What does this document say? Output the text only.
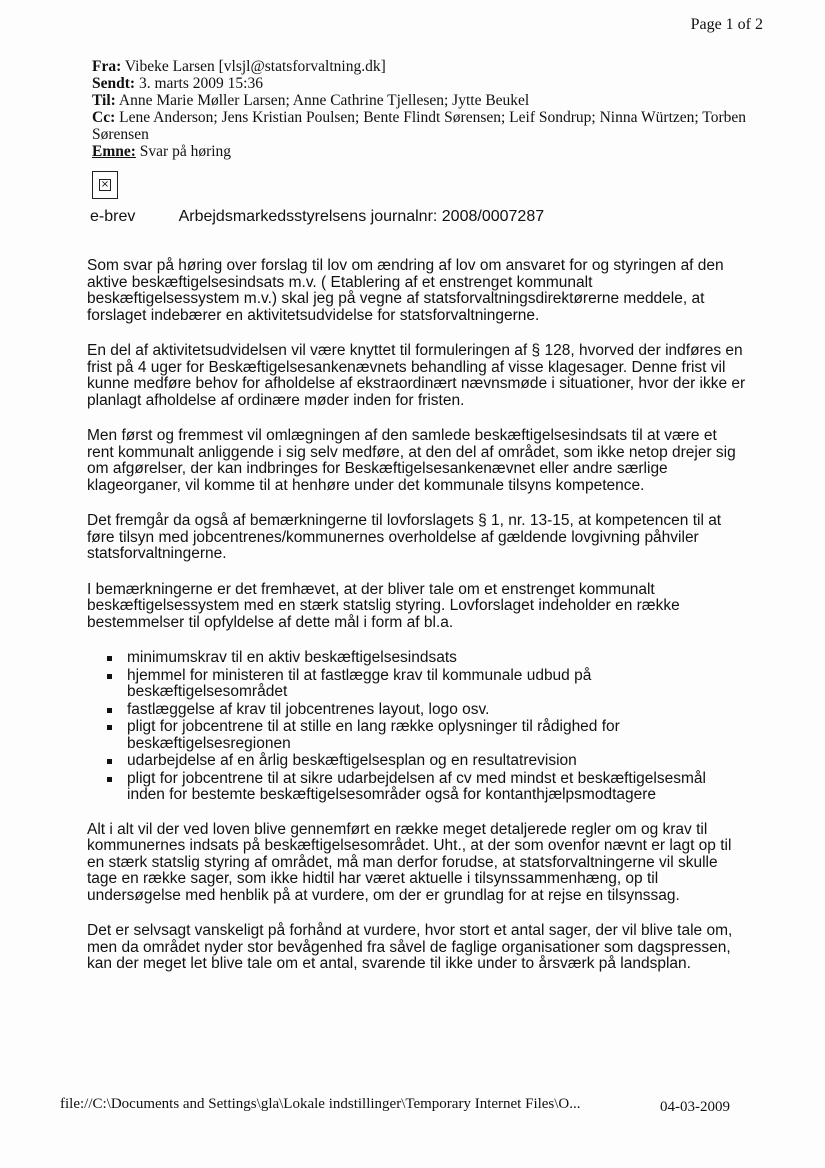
Page 1 of 2
Fra: Vibeke Larsen [vlsjl@statsforvaltning.dk]
Sendt: 3. marts 2009 15:36
Til: Anne Marie Møller Larsen; Anne Cathrine Tjellesen; Jytte Beukel
Cc: Lene Anderson; Jens Kristian Poulsen; Bente Flindt Sørensen; Leif Sondrup; Ninna Würtzen; Torben Sørensen
Emne: Svar på høring
×
e-brev	Arbejdsmarkedsstyrelsens journalnr: 2008/0007287

Som svar på høring over forslag til lov om ændring af lov om ansvaret for og styringen af den aktive beskæftigelsesindsats m.v. ( Etablering af et enstrenget kommunalt beskæftigelsessystem m.v.) skal jeg på vegne af statsforvaltningsdirektørerne meddele, at forslaget indebærer en aktivitetsudvidelse for statsforvaltningerne.

En del af aktivitetsudvidelsen vil være knyttet til formuleringen af § 128, hvorved der indføres en frist på 4 uger for Beskæftigelsesankenævnets behandling af visse klagesager. Denne frist vil kunne medføre behov for afholdelse af ekstraordinært nævnsmøde i situationer, hvor der ikke er planlagt afholdelse af ordinære møder inden for fristen.

Men først og fremmest vil omlægningen af den samlede beskæftigelsesindsats til at være et rent kommunalt anliggende i sig selv medføre, at den del af området, som ikke netop drejer sig om afgørelser, der kan indbringes for Beskæftigelsesankenævnet eller andre særlige klageorganer, vil komme til at henhøre under det kommunale tilsyns kompetence.

Det fremgår da også af bemærkningerne til lovforslagets § 1, nr. 13-15, at kompetencen til at føre tilsyn med jobcentrenes/kommunernes overholdelse af gældende lovgivning påhviler statsforvaltningerne.

I bemærkningerne er det fremhævet, at der bliver tale om et enstrenget kommunalt beskæftigelsessystem med en stærk statslig styring. Lovforslaget indeholder en række bestemmelser til opfyldelse af dette mål i form af bl.a.

minimumskrav til en aktiv beskæftigelsesindsats
hjemmel for ministeren til at fastlægge krav til kommunale udbud på beskæftigelsesområdet
fastlæggelse af krav til jobcentrenes layout, logo osv.
pligt for jobcentrene til at stille en lang række oplysninger til rådighed for beskæftigelsesregionen
udarbejdelse af en årlig beskæftigelsesplan og en resultatrevision
pligt for jobcentrene til at sikre udarbejdelsen af cv med mindst et beskæftigelsesmål inden for bestemte beskæftigelsesområder også for kontanthjælpsmodtagere

Alt i alt vil der ved loven blive gennemført en række meget detaljerede regler om og krav til kommunernes indsats på beskæftigelsesområdet. Uht., at der som ovenfor nævnt er lagt op til en stærk statslig styring af området, må man derfor forudse, at statsforvaltningerne vil skulle tage en række sager, som ikke hidtil har været aktuelle i tilsynssammenhæng, op til undersøgelse med henblik på at vurdere, om der er grundlag for at rejse en tilsynssag.

Det er selvsagt vanskeligt på forhånd at vurdere, hvor stort et antal sager, der vil blive tale om, men da området nyder stor bevågenhed fra såvel de faglige organisationer som dagspressen, kan der meget let blive tale om et antal, svarende til ikke under to årsværk på landsplan.

file://C:\Documents and Settings\gla\Lokale indstillinger\Temporary Internet Files\O...	04-03-2009
